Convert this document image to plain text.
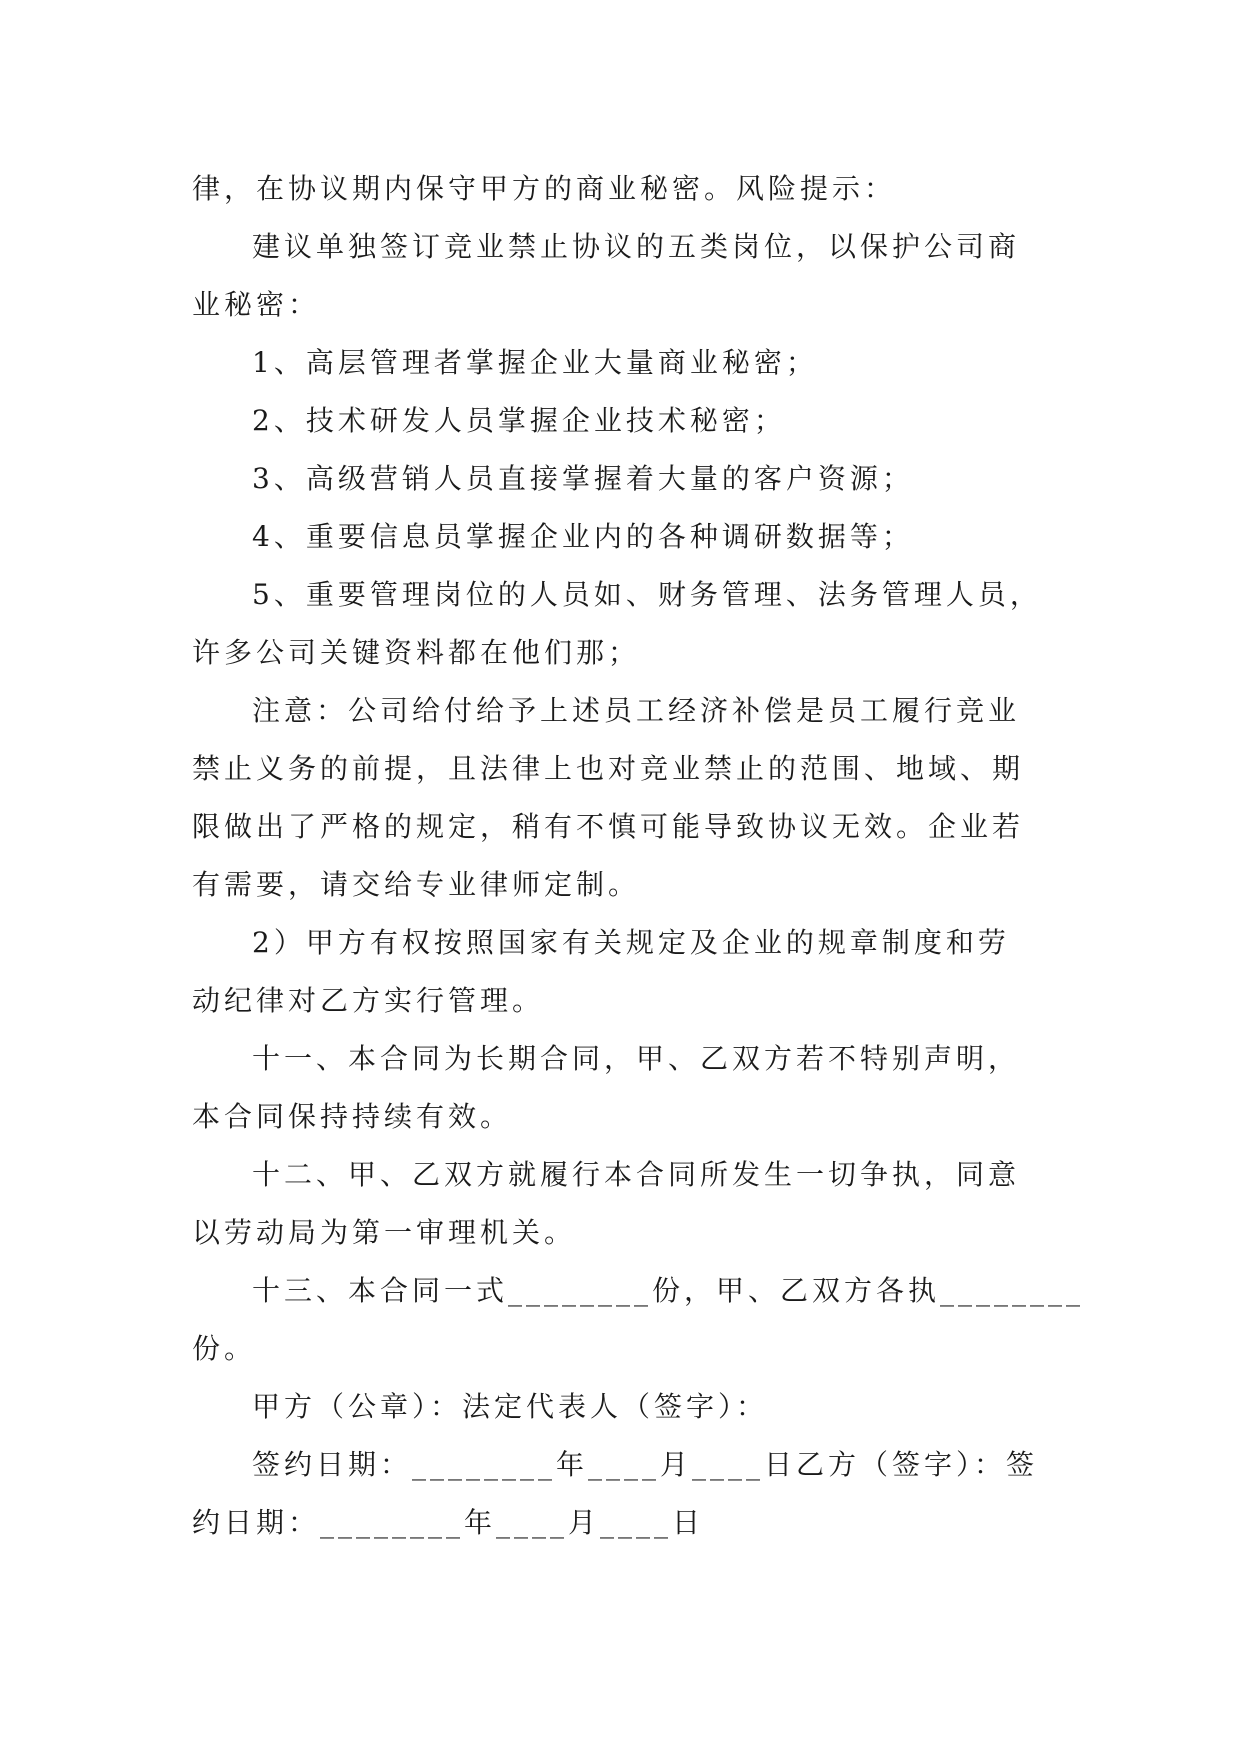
律，在协议期内保守甲方的商业秘密。风险提示：
建议单独签订竞业禁止协议的五类岗位，以保护公司商
业秘密：
1、高层管理者掌握企业大量商业秘密；
2、技术研发人员掌握企业技术秘密；
3、高级营销人员直接掌握着大量的客户资源；
4、重要信息员掌握企业内的各种调研数据等；
5、重要管理岗位的人员如、财务管理、法务管理人员，
许多公司关键资料都在他们那；
注意：公司给付给予上述员工经济补偿是员工履行竞业
禁止义务的前提，且法律上也对竞业禁止的范围、地域、期
限做出了严格的规定，稍有不慎可能导致协议无效。企业若
有需要，请交给专业律师定制。
2）甲方有权按照国家有关规定及企业的规章制度和劳
动纪律对乙方实行管理。
十一、本合同为长期合同，甲、乙双方若不特别声明，
本合同保持持续有效。
十二、甲、乙双方就履行本合同所发生一切争执，同意
以劳动局为第一审理机关。
十三、本合同一式________份，甲、乙双方各执________
份。
甲方（公章）：法定代表人（签字）：
签约日期：________年____月____日乙方（签字）：签
约日期：________年____月____日
